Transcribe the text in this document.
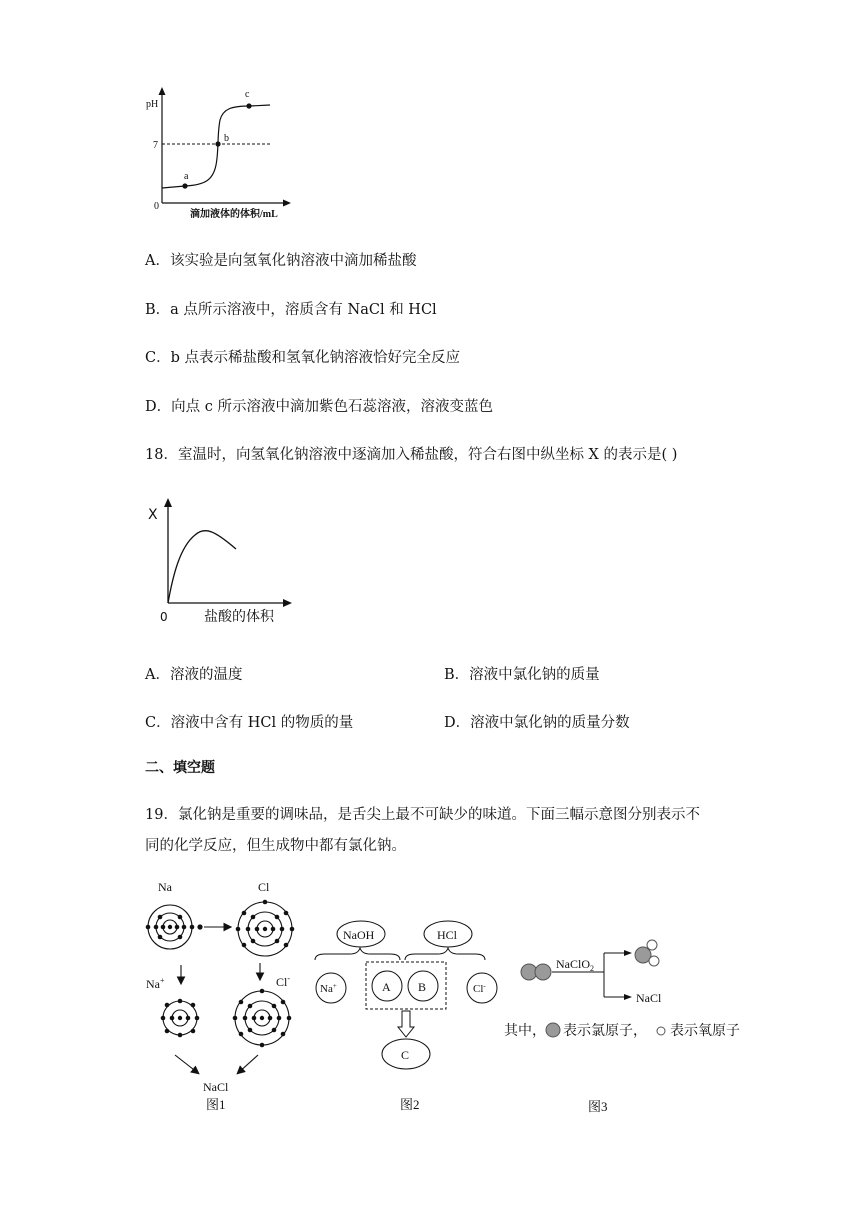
pH
7
0
a
b
c
滴加液体的体积/mL
A．该实验是向氢氧化钠溶液中滴加稀盐酸
B．a 点所示溶液中，溶质含有 NaCl 和 HCl
C．b 点表示稀盐酸和氢氧化钠溶液恰好完全反应
D．向点 c 所示溶液中滴加紫色石蕊溶液，溶液变蓝色
18．室温时，向氢氧化钠溶液中逐滴加入稀盐酸，符合右图中纵坐标 X 的表示是( )
X
0	盐酸的体积
A．溶液的温度	B．溶液中氯化钠的质量
C．溶液中含有 HCl 的物质的量	D．溶液中氯化钠的质量分数
二、填空题
19．氯化钠是重要的调味品，是舌尖上最不可缺少的味道。下面三幅示意图分别表示不
同的化学反应，但生成物中都有氯化钠。
Na	Cl
Na+	Cl-
NaCl
图1
NaOH	HCl
Na+	A B	Cl-
C
图2
NaClO$_2$
NaCl
其中， 表示氯原子， 表示氧原子
图3
